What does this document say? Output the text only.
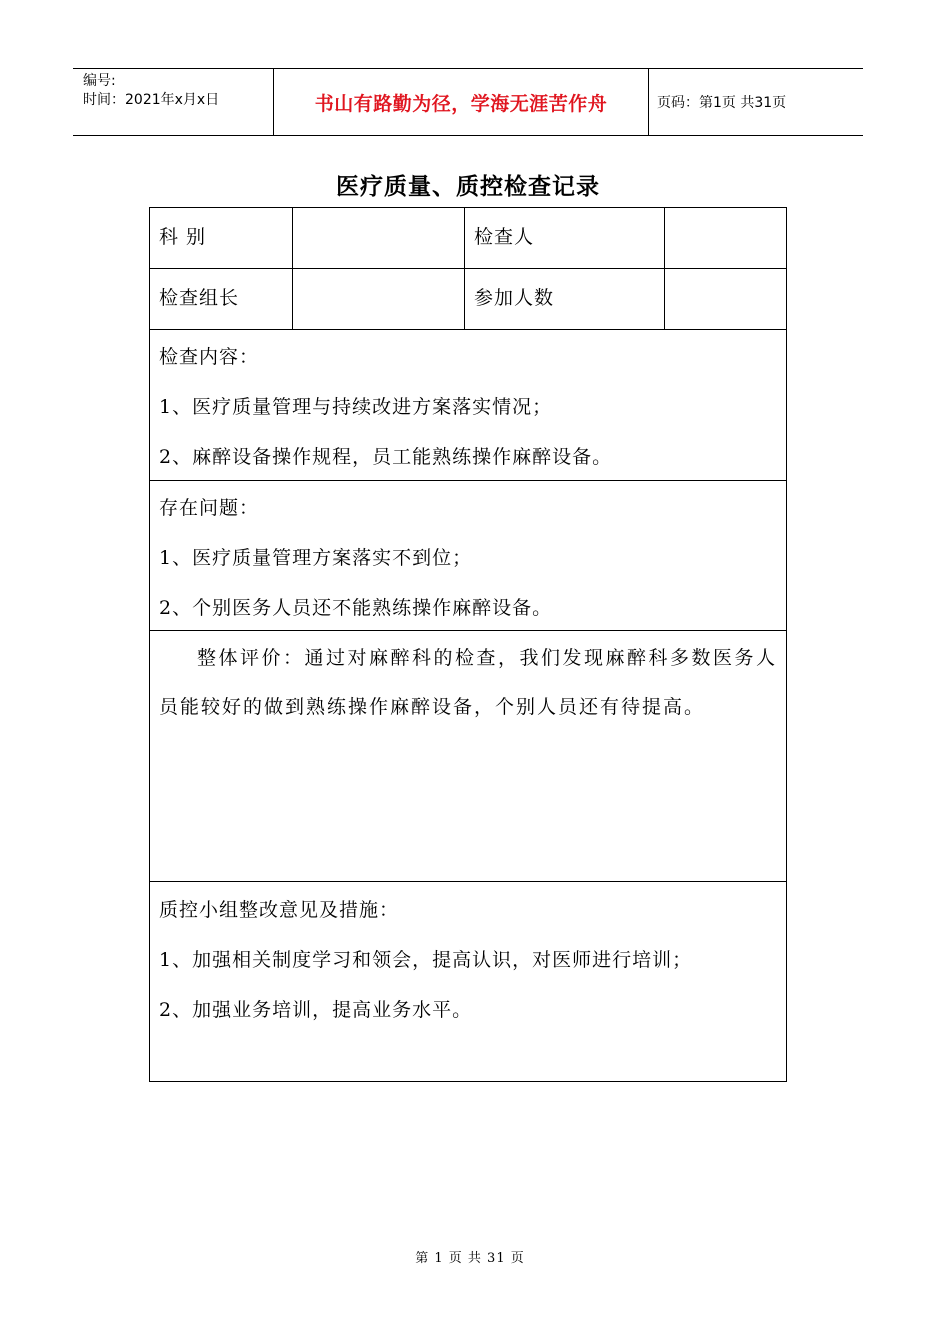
编号:
时间：2021年x月x日	书山有路勤为径，学海无涯苦作舟	页码：第1页 共31页
医疗质量、质控检查记录
科 别	检查人
检查组长	参加人数

检查内容：

1、医疗质量管理与持续改进方案落实情况；

2、麻醉设备操作规程，员工能熟练操作麻醉设备。

存在问题：

1、医疗质量管理方案落实不到位；

2、个别医务人员还不能熟练操作麻醉设备。

整体评价：通过对麻醉科的检查，我们发现麻醉科多数医务人员能较好的做到熟练操作麻醉设备，个别人员还有待提高。

质控小组整改意见及措施：

1、加强相关制度学习和领会，提高认识，对医师进行培训；

2、加强业务培训，提高业务水平。

第 1 页 共 31 页
